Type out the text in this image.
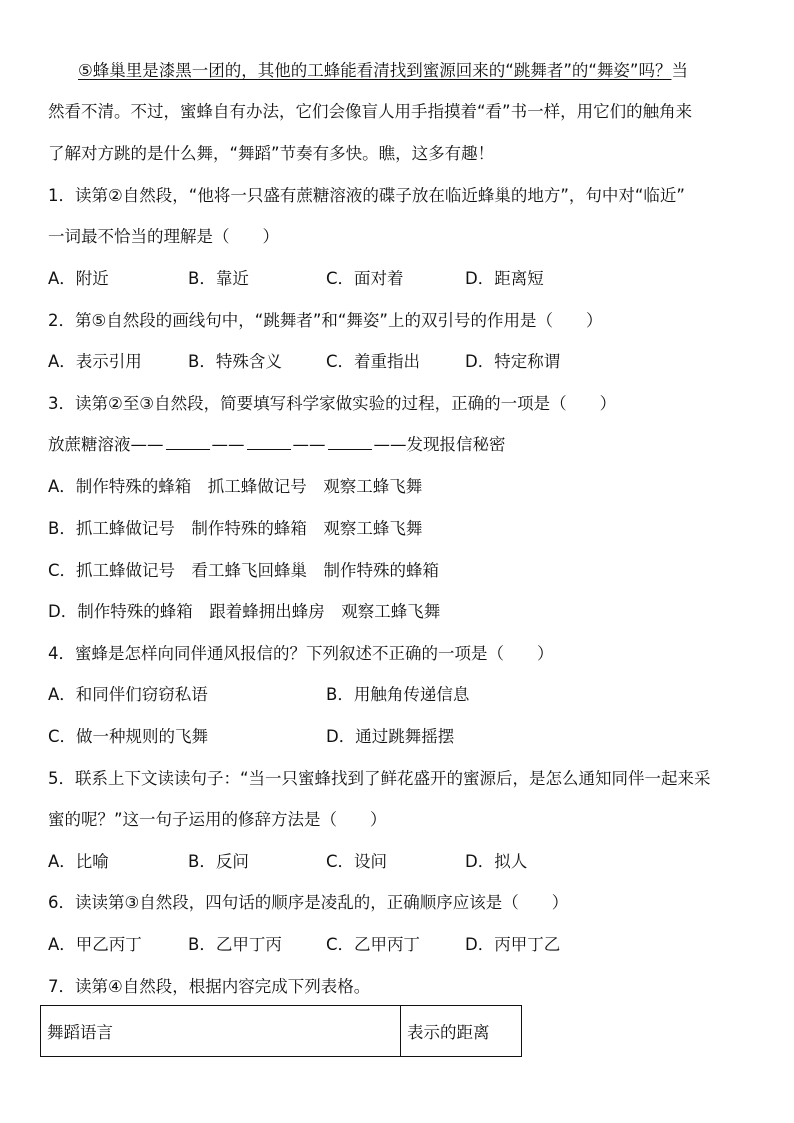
⑤蜂巢里是漆黑一团的，其他的工蜂能看清找到蜜源回来的“跳舞者”的“舞姿”吗？当
然看不清。不过，蜜蜂自有办法，它们会像盲人用手指摸着“看”书一样，用它们的触角来
了解对方跳的是什么舞，“舞蹈”节奏有多快。瞧，这多有趣！
1．读第②自然段，“他将一只盛有蔗糖溶液的碟子放在临近蜂巢的地方”，句中对“临近”
一词最不恰当的理解是（　　）
A．附近	B．靠近	C．面对着	D．距离短
2．第⑤自然段的画线句中，“跳舞者”和“舞姿”上的双引号的作用是（　　）
A．表示引用	B．特殊含义	C．着重指出	D．特定称谓
3．读第②至③自然段，简要填写科学家做实验的过程，正确的一项是（　　）
放蔗糖溶液——	——	——	——发现报信秘密
A．制作特殊的蜂箱　抓工蜂做记号　观察工蜂飞舞
B．抓工蜂做记号　制作特殊的蜂箱　观察工蜂飞舞
C．抓工蜂做记号　看工蜂飞回蜂巢　制作特殊的蜂箱
D．制作特殊的蜂箱　跟着蜂拥出蜂房　观察工蜂飞舞
4．蜜蜂是怎样向同伴通风报信的？下列叙述不正确的一项是（　　）
A．和同伴们窃窃私语	B．用触角传递信息
C．做一种规则的飞舞	D．通过跳舞摇摆
5．联系上下文读读句子：“当一只蜜蜂找到了鲜花盛开的蜜源后，是怎么通知同伴一起来采
蜜的呢？”这一句子运用的修辞方法是（　　）
A．比喻	B．反问	C．设问	D．拟人
6．读读第③自然段，四句话的顺序是凌乱的，正确顺序应该是（　　）
A．甲乙丙丁	B．乙甲丁丙	C．乙甲丙丁	D．丙甲丁乙
7．读第④自然段，根据内容完成下列表格。
舞蹈语言	表示的距离
